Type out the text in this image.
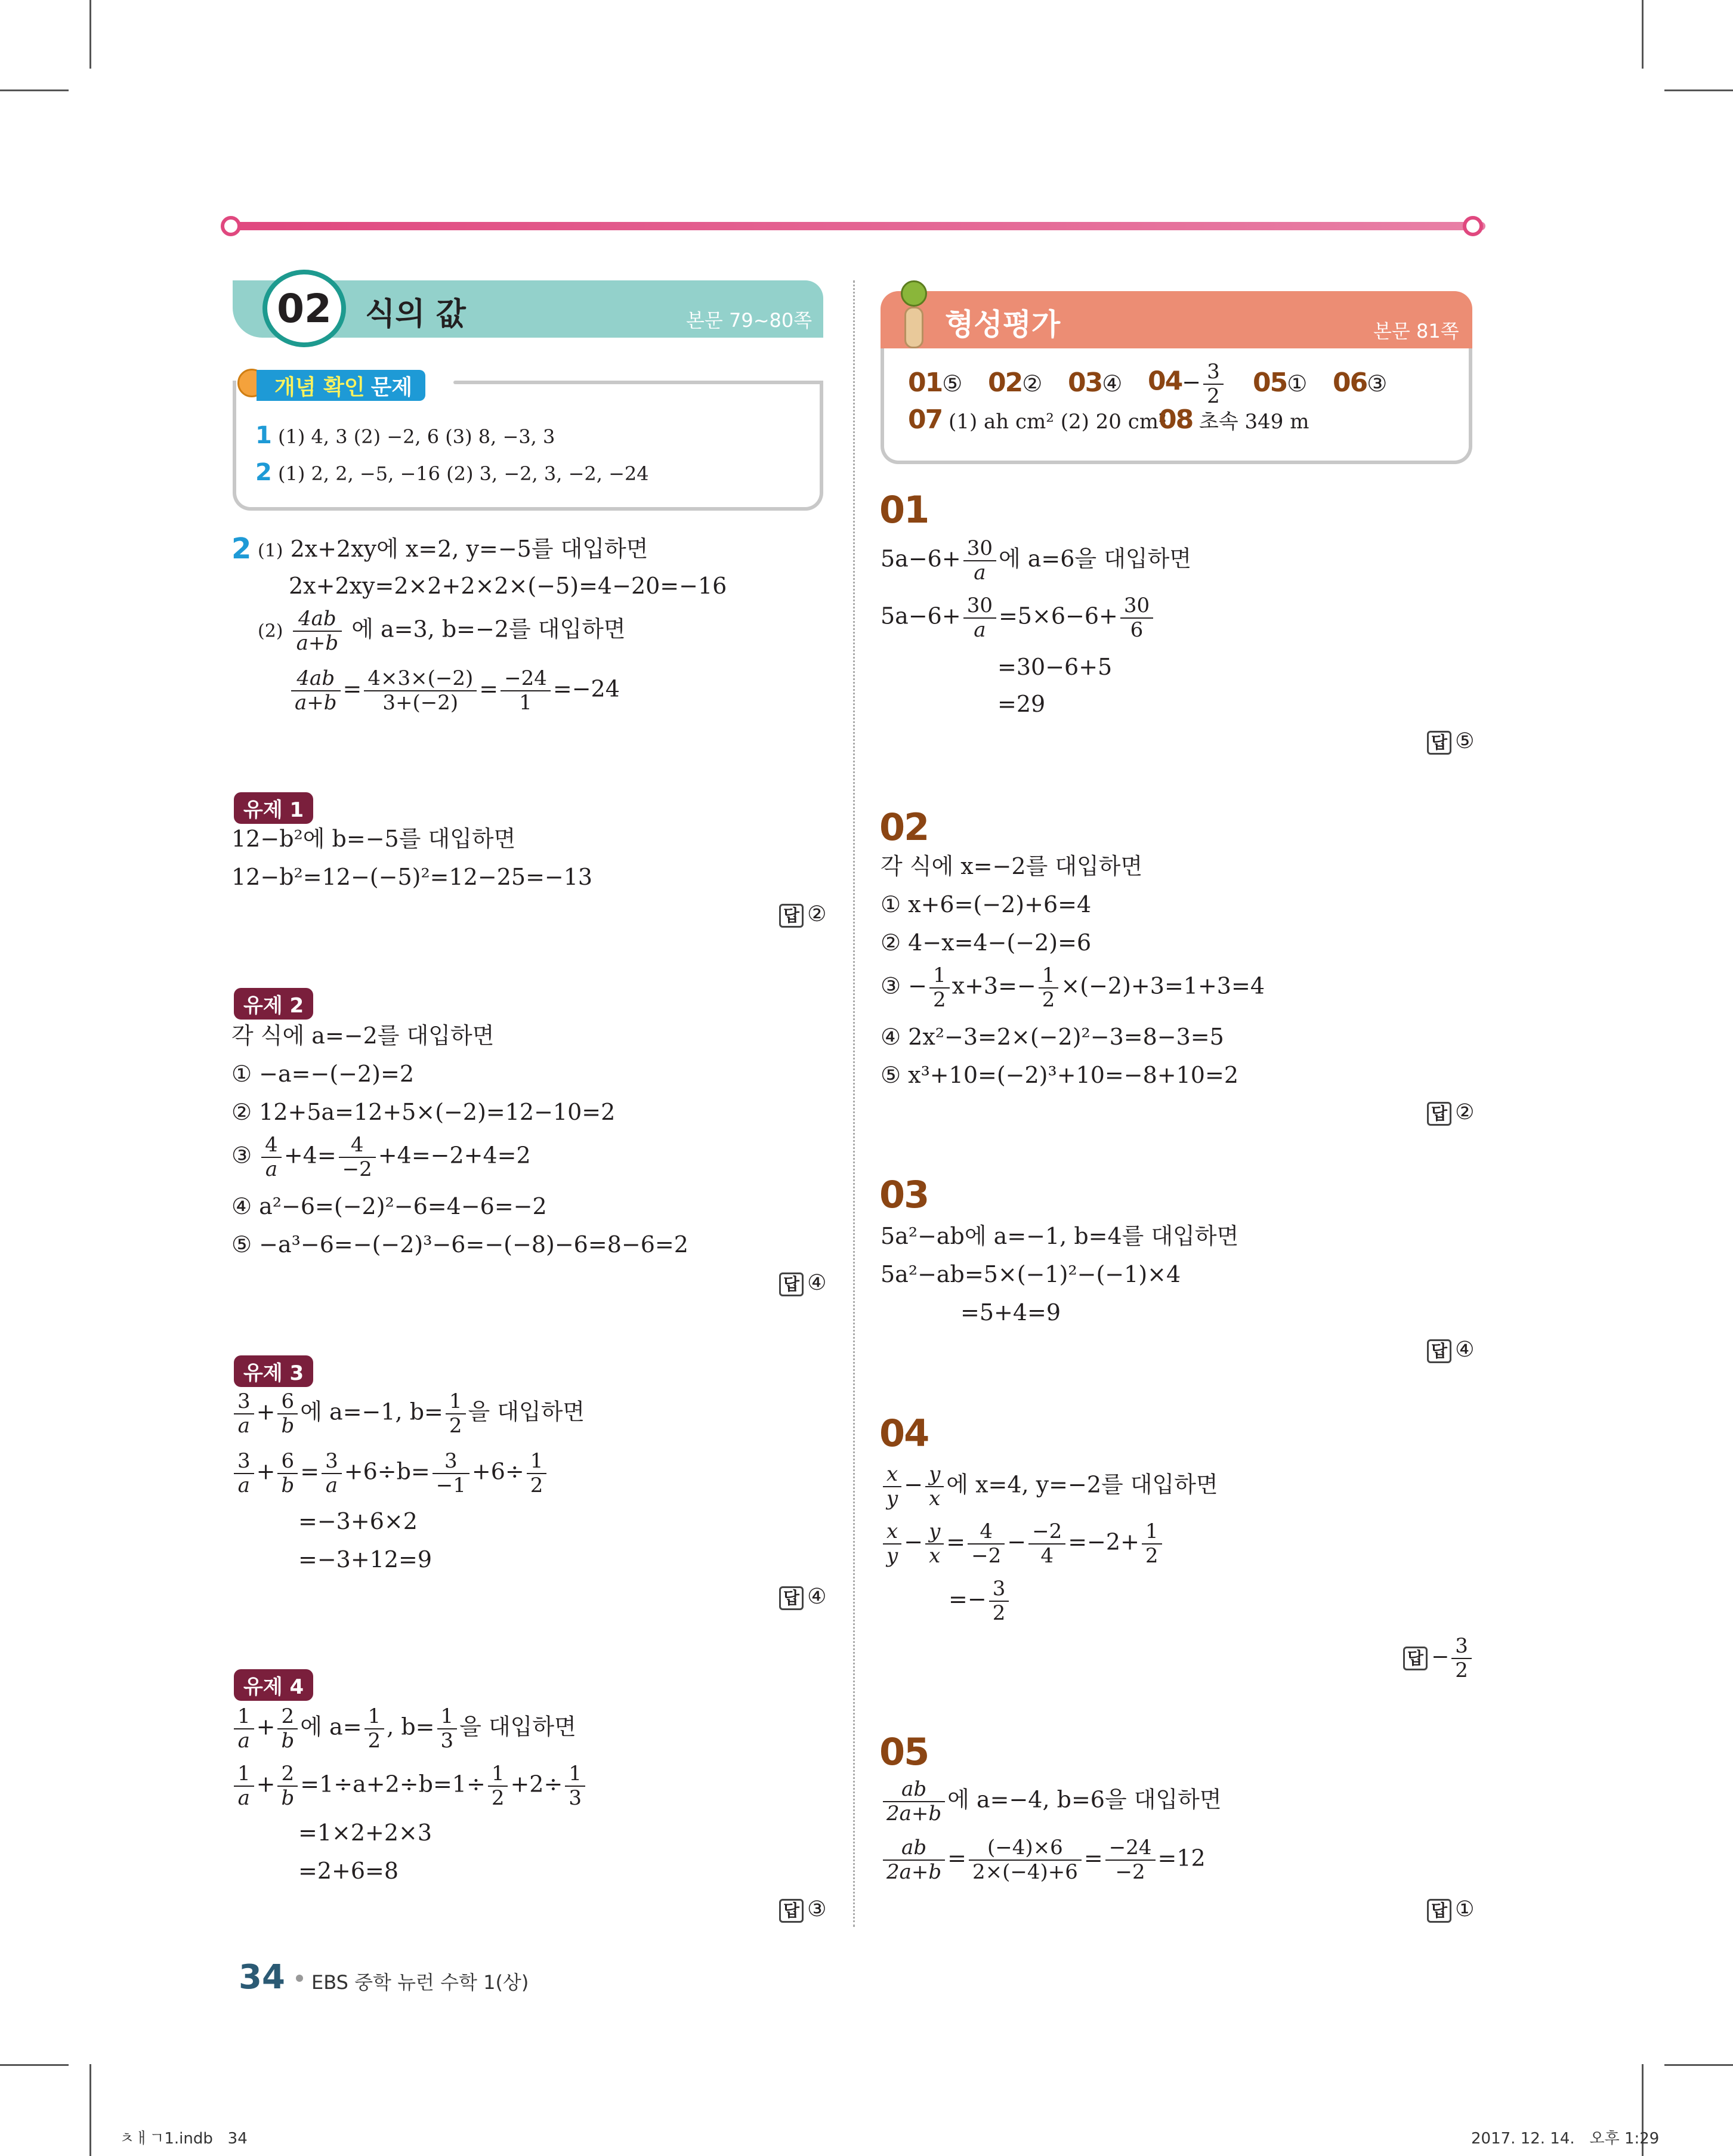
02 식의 값	본문 79~80쪽
개념 확인 문제
1 (1) 4, 3 (2) −2, 6 (3) 8, −3, 3
2 (1) 2, 2, −5, −16 (2) 3, −2, 3, −2, −24
2 (1) 2x+2xy에 x=2, y=−5를 대입하면
2x+2xy=2×2+2×2×(−5)=4−20=−16
$(2) \frac{4ab}{a+b}$ 에 a=3, b=−2를 대입하면
$\frac{4ab}{a+b} = \frac{4\times 3\times(-2)}{3+(-2)} = \frac{-24}{1} =-24$
유제 1
12−b²에 b=−5를 대입하면
12−b²=12−(−5)²=12−25=−13
답 ②
유제 2
각 식에 a=−2를 대입하면
① −a=−(−2)=2
② 12+5a=12+5×(−2)=12−10=2
③ $\frac{4}{a} +4= \frac{4}{-2} +4=-2+4=2$
④ a²−6=(−2)²−6=4−6=−2
⑤ −a³−6=−(−2)³−6=−(−8)−6=8−6=2
답 ④
유제 3
$\frac{3}{a} + \frac{6}{b}$ 에 a=−1, $b= \frac{1}{2}$ 을 대입하면
$\frac{3}{a} + \frac{6}{b} = \frac{3}{a} +6\div b= \frac{3}{-1} +6\div \frac{1}{2}$
=−3+6×2
=−3+12=9
답 ④
유제 4
$\frac{1}{a} + \frac{2}{b}$ 에 $a= \frac{1}{2}$ , $b= \frac{1}{3}$ 을 대입하면
$\frac{1}{a} + \frac{2}{b} =1\div a+2\div b=1\div \frac{1}{2} +2\div \frac{1}{3}$
=1×2+2×3
=2+6=8
답 ③
형성평가	본문 81쪽
01⑤ 02② 03④ $04- \frac{3}{2}$ 05① 06③
07 (1) ah cm² (2) 20 cm²
08 초속 349 m
01
$5a-6+ \frac{30}{a}$ 에 a=6을 대입하면
$5a-6+ \frac{30}{a} =5\times 6-6+ \frac{30}{6}$
=30−6+5
=29
답 ⑤
02
각 식에 x=−2를 대입하면
① x+6=(−2)+6=4
② 4−x=4−(−2)=6
③ − $\frac{1}{2} x+3=- \frac{1}{2} \times(-2)+3=1+3=4$
④ 2x²−3=2×(−2)²−3=8−3=5
⑤ x³+10=(−2)³+10=−8+10=2
답 ②
03
5a²−ab에 a=−1, b=4를 대입하면
5a²−ab=5×(−1)²−(−1)×4
=5+4=9
답 ④
04
$\frac{x}{y} - \frac{y}{x}$ 에 x=4, y=−2를 대입하면
$\frac{x}{y} - \frac{y}{x} = \frac{4}{-2} - \frac{-2}{4} =-2+ \frac{1}{2}$
=− $\frac{3}{2}$
답 − $\frac{3}{2}$
05
$\frac{ab}{2a+b}$ 에 a=−4, b=6을 대입하면
$\frac{ab}{2a+b} = \frac{(-4)\times 6}{2\times(-4)+6} = \frac{-24}{-2} =12$
답 ①
34 EBS 중학 뉴런 수학 1(상)
ㅊㅐㄱ1.indb   34	2017. 12. 14.   오후 1:29
